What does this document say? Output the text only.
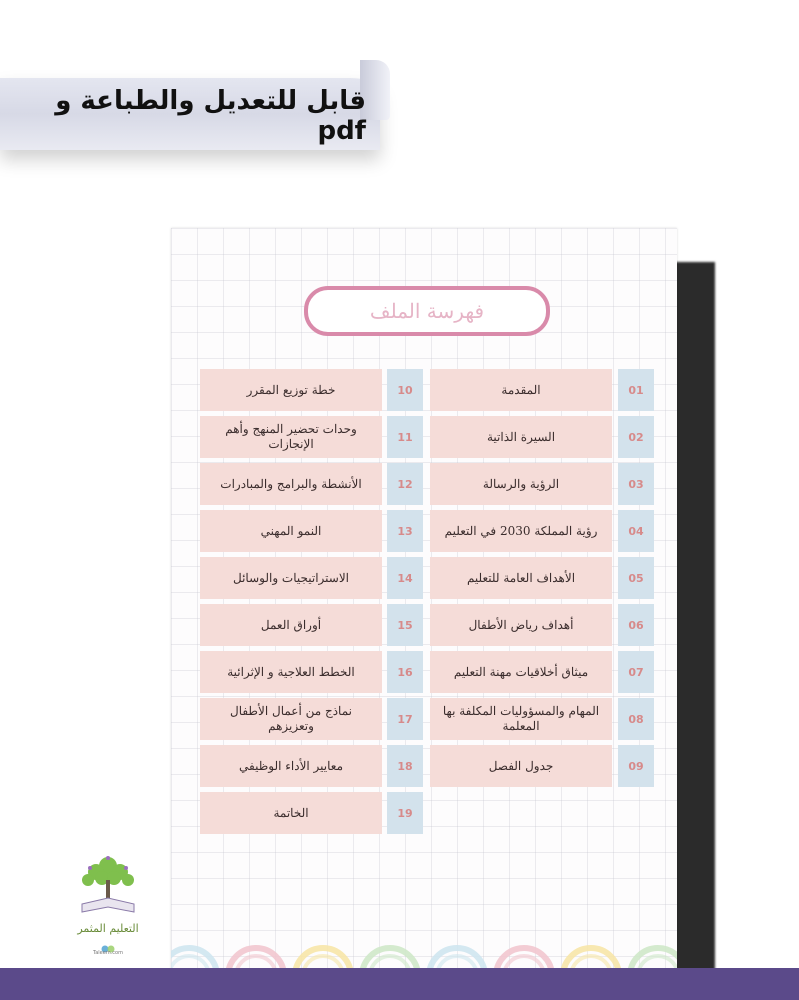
قابل للتعديل والطباعة و pdf
فهرسة الملف
01
المقدمة
02
السيرة الذاتية
03
الرؤية والرسالة
04
رؤية المملكة 2030 في التعليم
05
الأهداف العامة للتعليم
06
أهداف رياض الأطفال
07
ميثاق أخلاقيات مهنة التعليم
08
المهام والمسؤوليات المكلفة بها المعلمة
09
جدول الفصل
10
خطة توزيع المقرر
11
وحدات تحضير المنهج وأهم الإنجازات
12
الأنشطة والبرامج والمبادرات
13
النمو المهني
14
الاستراتيجيات والوسائل
15
أوراق العمل
16
الخطط العلاجية و الإثرائية
17
نماذج من أعمال الأطفال وتعزيزهم
18
معايير الأداء الوظيفي
19
الخاتمة
التعليم المثمر
Taleem.com
